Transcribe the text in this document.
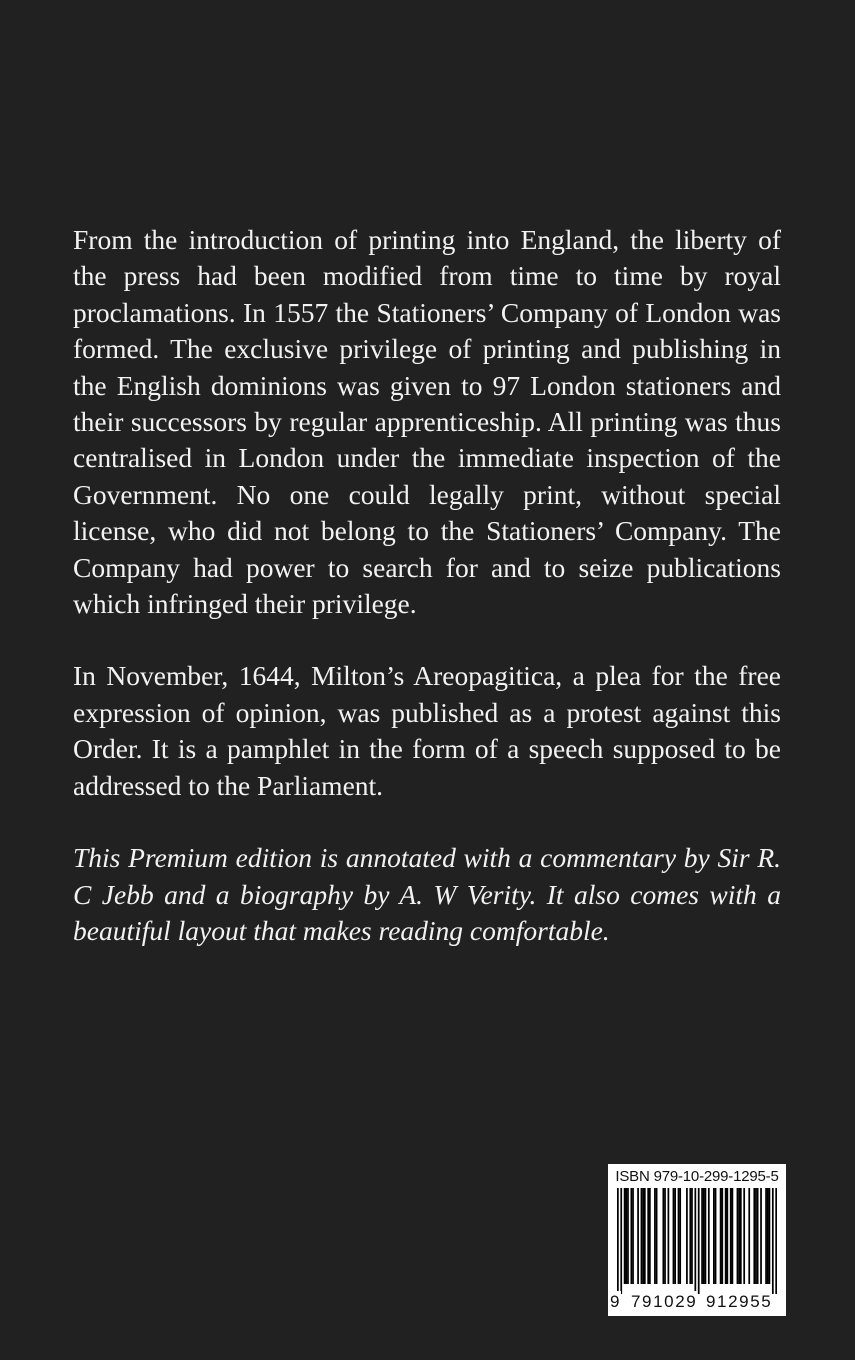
From the introduction of printing into England, the liberty of the press had been modified from time to time by royal proclamations. In 1557 the Stationers’ Company of London was formed. The exclusive privilege of printing and publishing in the English dominions was given to 97 London stationers and their successors by regular apprenticeship. All printing was thus centralised in London under the immediate inspection of the Government. No one could legally print, without special license, who did not belong to the Stationers’ Company. The Company had power to search for and to seize publications which infringed their privilege.

In November, 1644, Milton’s Areopagitica, a plea for the free expression of opinion, was published as a protest against this Order. It is a pamphlet in the form of a speech supposed to be addressed to the Parliament.

This Premium edition is annotated with a commentary by Sir R. C Jebb and a biography by A. W Verity. It also comes with a beautiful layout that makes reading comfortable.

ISBN 979-10-299-1295-5
9 791029 912955
